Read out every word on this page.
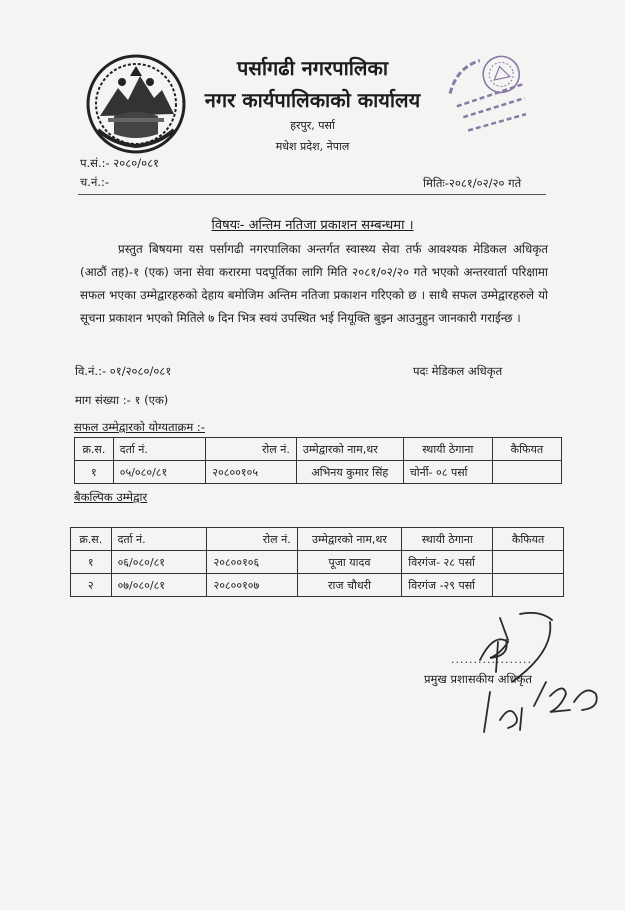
पर्सागढी नगरपालिका
नगर कार्यपालिकाको कार्यालय
हरपुर, पर्सा
मधेश प्रदेश, नेपाल
प.सं.:- २०८०/०८१
च.नं.:-	मितिः-२०८१/०२/२० गते
विषयः- अन्तिम नतिजा प्रकाशन सम्बन्धमा ।
प्रस्तुत बिषयमा यस पर्सागढी नगरपालिका अन्तर्गत स्वास्थ्य सेवा तर्फ आवश्यक मेडिकल अधिकृत (आठौं तह)-१ (एक) जना सेवा करारमा पदपूर्तिका लागि मिति २०८१/०२/२० गते भएको अन्तरवार्ता परिक्षामा सफल भएका उम्मेद्वारहरुको देहाय बमोजिम अन्तिम नतिजा प्रकाशन गरिएको छ । साथै सफल उम्मेद्वारहरुले यो सूचना प्रकाशन भएको मितिले ७ दिन भित्र स्वयं उपस्थित भई नियूक्ति बुझ्न आउनुहुन जानकारी गराईन्छ ।
वि.नं.:- ०१/२०८०/०८१	पदः मेडिकल अधिकृत
माग संख्या :- १ (एक)
सफल उम्मेद्वारको योग्यताक्रम :-
क्र.स.	दर्ता नं.	रोल नं.	उम्मेद्वारको नाम,थर	स्थायी ठेगाना	कैफियत
१	०५/०८०/८१	२०८००१०५	अभिनय कुमार सिंह	चोर्नी- ०८ पर्सा	
बैकल्पिक उम्मेद्वार
क्र.स.	दर्ता नं.	रोल नं.	उम्मेद्वारको नाम,थर	स्थायी ठेगाना	कैफियत
१	०६/०८०/८१	२०८००१०६	पूजा यादव	विरगंज- २८ पर्सा	
२	०७/०८०/८१	२०८००१०७	राज चौधरी	विरगंज -२९ पर्सा	
..................
प्रमुख प्रशासकीय अधिकृत
